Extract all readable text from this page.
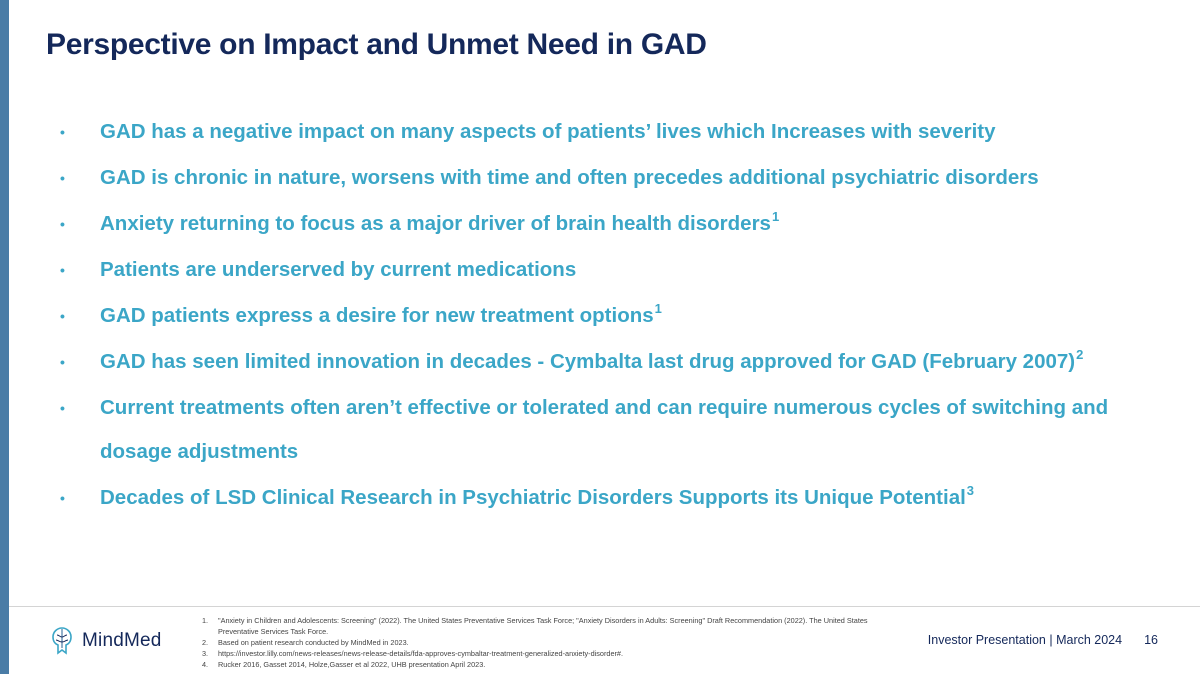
Perspective on Impact and Unmet Need in GAD
• GAD has a negative impact on many aspects of patients’ lives which Increases with severity
• GAD is chronic in nature, worsens with time and often precedes additional psychiatric disorders
• Anxiety returning to focus as a major driver of brain health disorders$^1$
• Patients are underserved by current medications
• GAD patients express a desire for new treatment options$^1$
• GAD has seen limited innovation in decades - Cymbalta last drug approved for GAD (February 2007)$^2$
• Current treatments often aren’t effective or tolerated and can require numerous cycles of switching and dosage adjustments
• Decades of LSD Clinical Research in Psychiatric Disorders Supports its Unique Potential$^3$
MindMed
1.	"Anxiety in Children and Adolescents: Screening" (2022). The United States Preventative Services Task Force; "Anxiety Disorders in Adults: Screening" Draft Recommendation (2022). The United States Preventative Services Task Force.
2.	Based on patient research conducted by MindMed in 2023.
3.	https://investor.lilly.com/news-releases/news-release-details/fda-approves-cymbaltar-treatment-generalized-anxiety-disorder#.
4.	Rucker 2016, Gasset 2014, Holze,Gasser et al 2022, UHB presentation April 2023.
Investor Presentation | March 2024 16
